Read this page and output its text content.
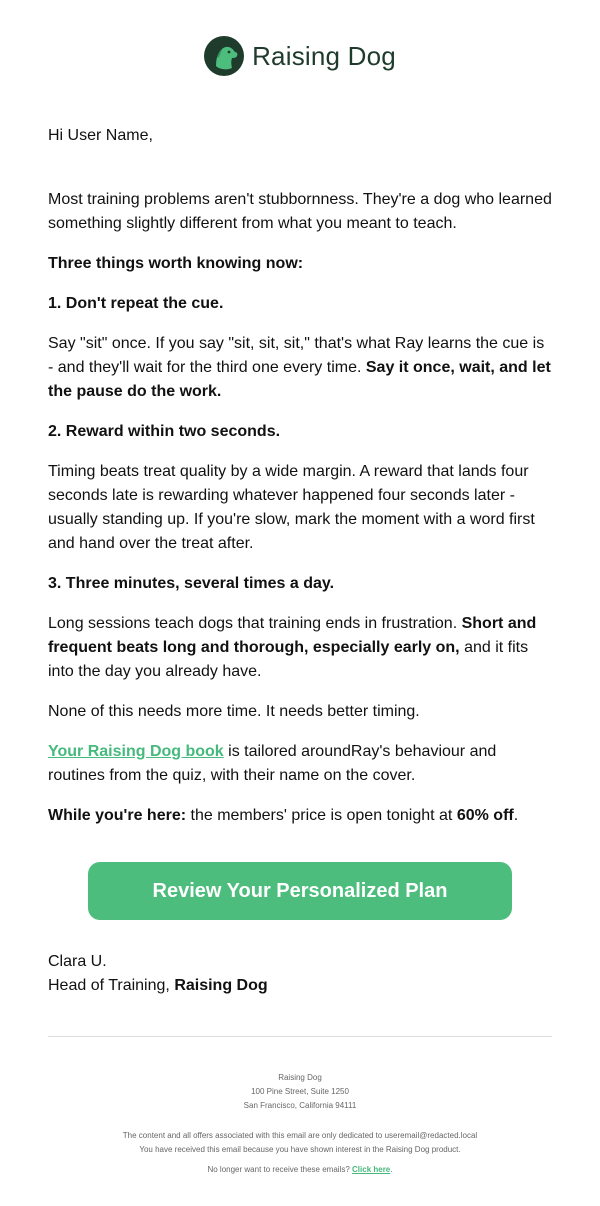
Raising Dog

Hi User Name,

Most training problems aren't stubbornness. They're a dog who learned something slightly different from what you meant to teach.

Three things worth knowing now:

1. Don't repeat the cue.

Say "sit" once. If you say "sit, sit, sit," that's what Ray learns the cue is - and they'll wait for the third one every time. Say it once, wait, and let the pause do the work.

2. Reward within two seconds.

Timing beats treat quality by a wide margin. A reward that lands four seconds late is rewarding whatever happened four seconds later - usually standing up. If you're slow, mark the moment with a word first and hand over the treat after.

3. Three minutes, several times a day.

Long sessions teach dogs that training ends in frustration. Short and frequent beats long and thorough, especially early on, and it fits into the day you already have.

None of this needs more time. It needs better timing.

Your Raising Dog book is tailored aroundRay's behaviour and routines from the quiz, with their name on the cover.

While you're here: the members' price is open tonight at 60% off.

Review Your Personalized Plan

Clara U.

Head of Training, Raising Dog

Raising Dog

100 Pine Street, Suite 1250

San Francisco, California 94111

The content and all offers associated with this email are only dedicated to useremail@redacted.local

You have received this email because you have shown interest in the Raising Dog product.

No longer want to receive these emails? Click here.
